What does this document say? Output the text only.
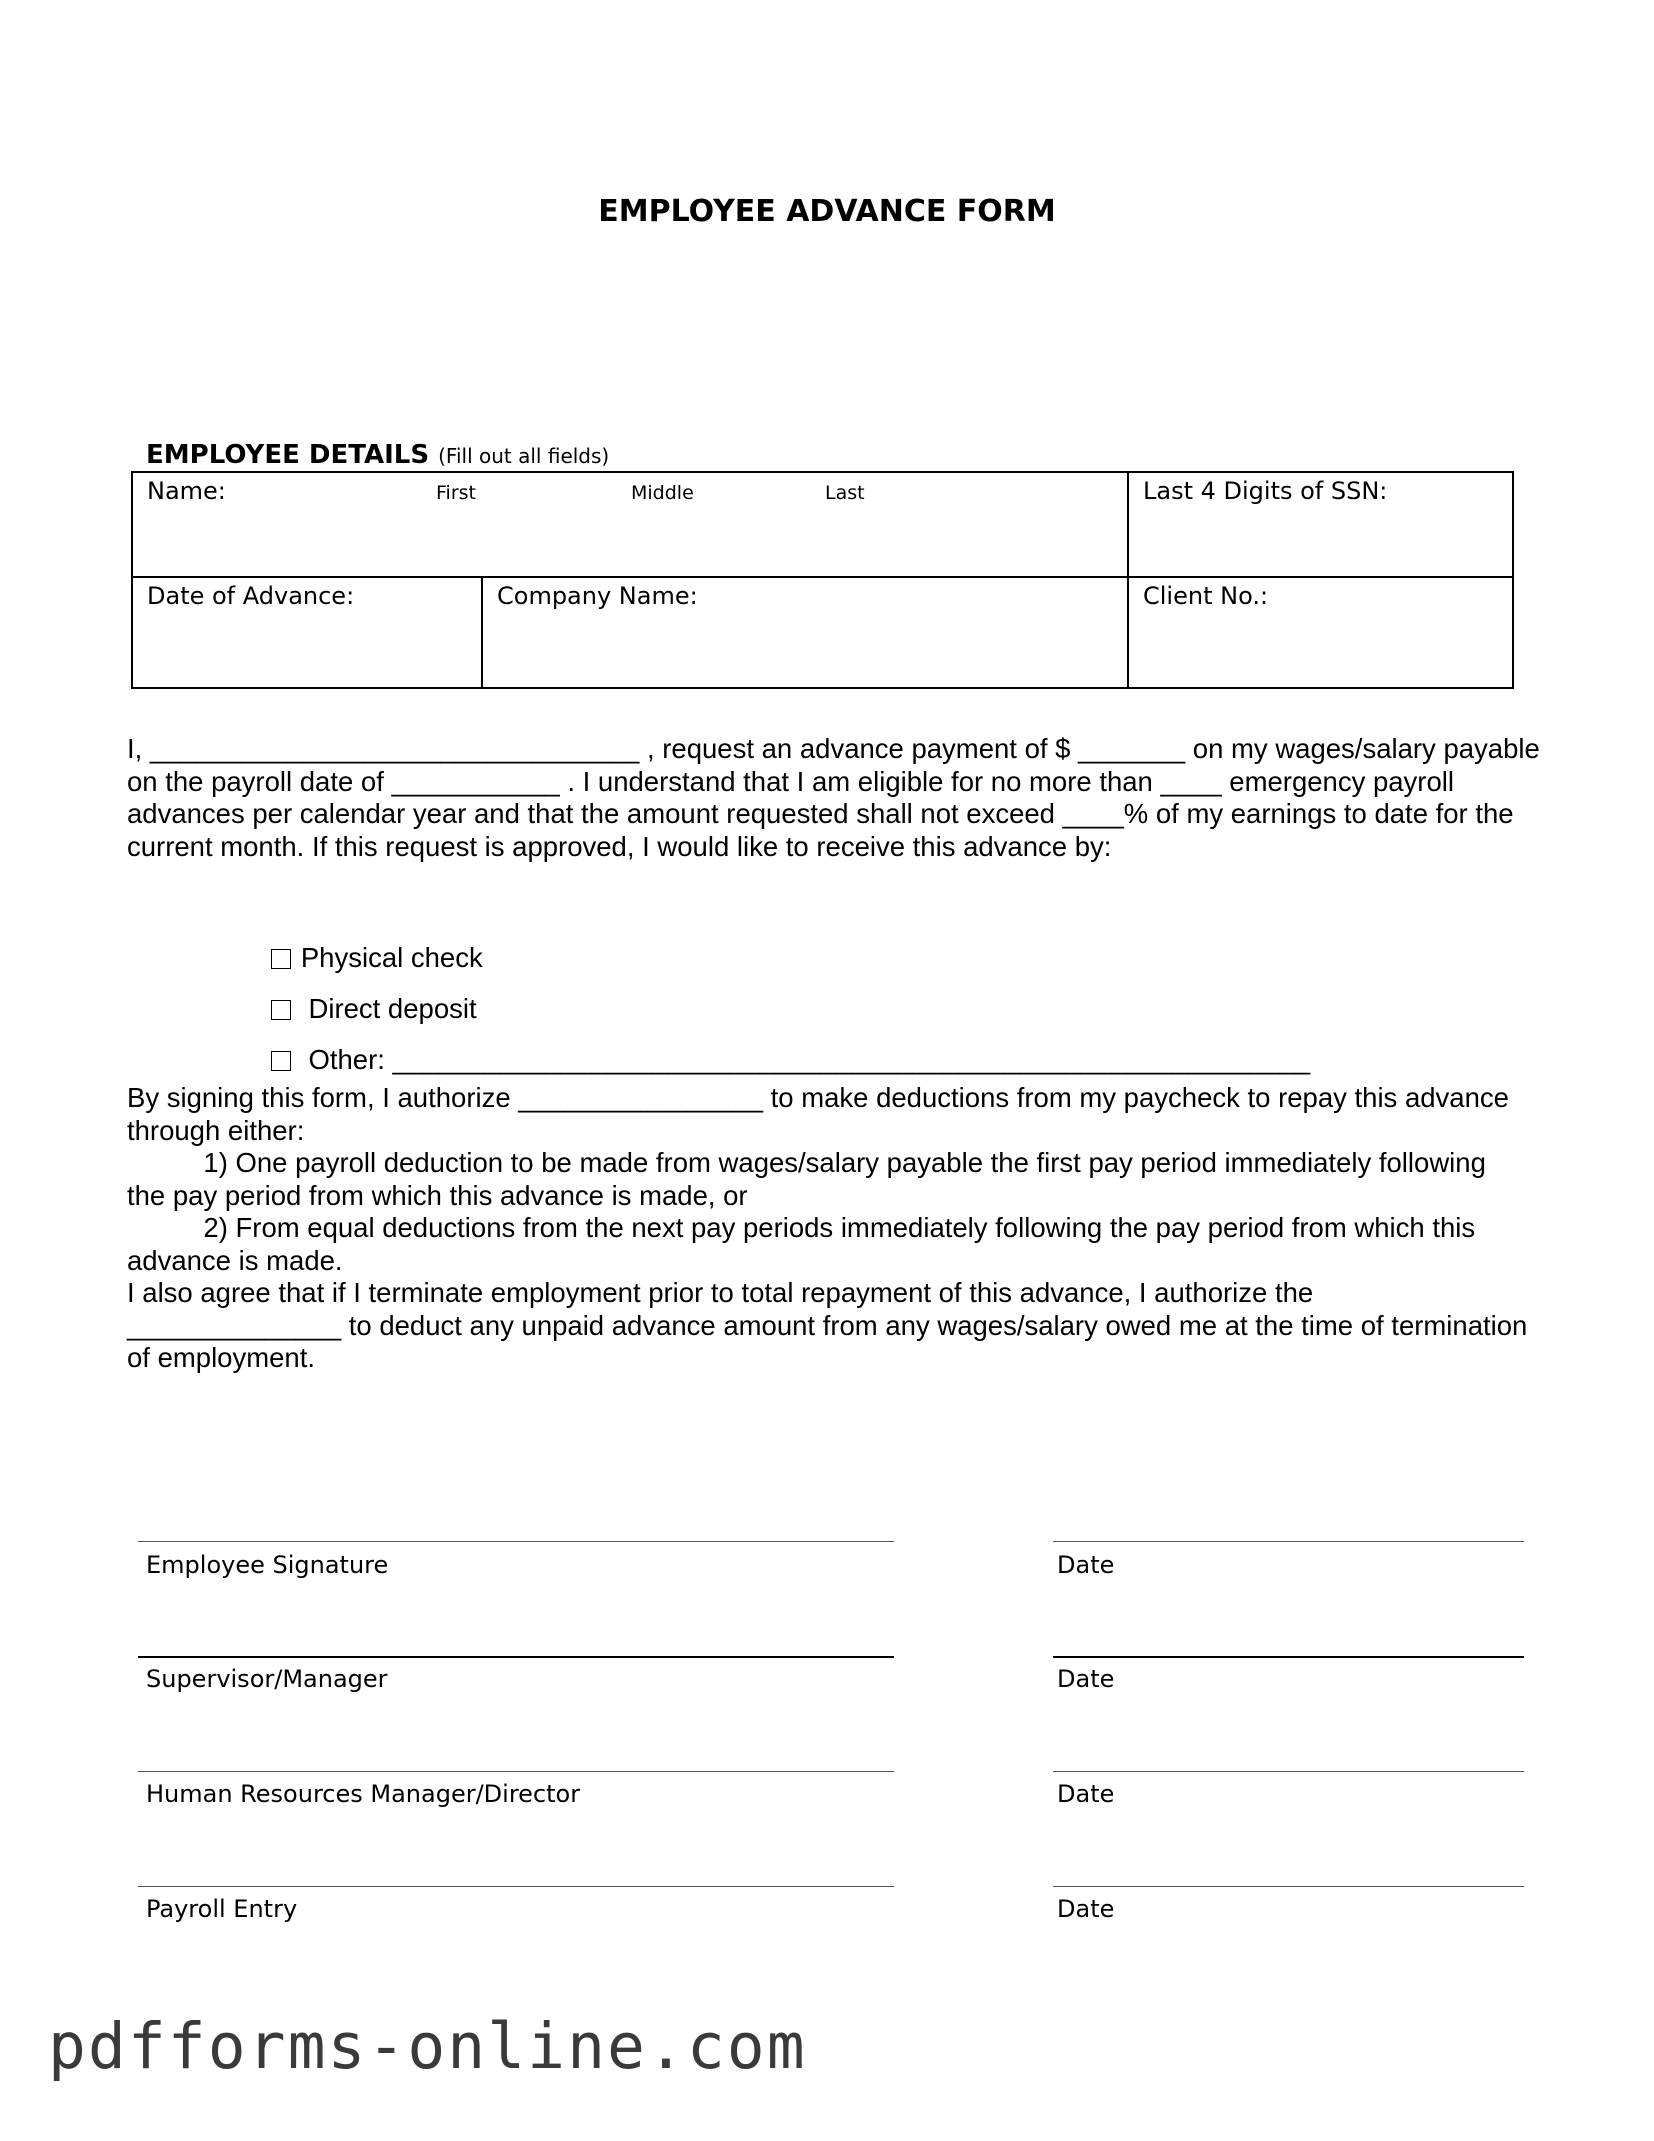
EMPLOYEE ADVANCE FORM
EMPLOYEE DETAILS (Fill out all fields)
Name:	First	Middle	Last	Last 4 Digits of SSN:
Date of Advance:	Company Name:	Client No.:
I, ________________________________ , request an advance payment of $ _______ on my wages/salary payable
on the payroll date of ___________ . I understand that I am eligible for no more than ____ emergency payroll
advances per calendar year and that the amount requested shall not exceed ____% of my earnings to date for the
current month. If this request is approved, I would like to receive this advance by:

Physical check

Direct deposit

Other: ____________________________________________________________

By signing this form, I authorize ________________ to make deductions from my paycheck to repay this advance
through either:
1) One payroll deduction to be made from wages/salary payable the first pay period immediately following
the pay period from which this advance is made, or
2) From equal deductions from the next pay periods immediately following the pay period from which this
advance is made.
I also agree that if I terminate employment prior to total repayment of this advance, I authorize the
______________ to deduct any unpaid advance amount from any wages/salary owed me at the time of termination
of employment.
Employee Signature	Date
Supervisor/Manager	Date
Human Resources Manager/Director	Date
Payroll Entry	Date
pdfforms-online.com
